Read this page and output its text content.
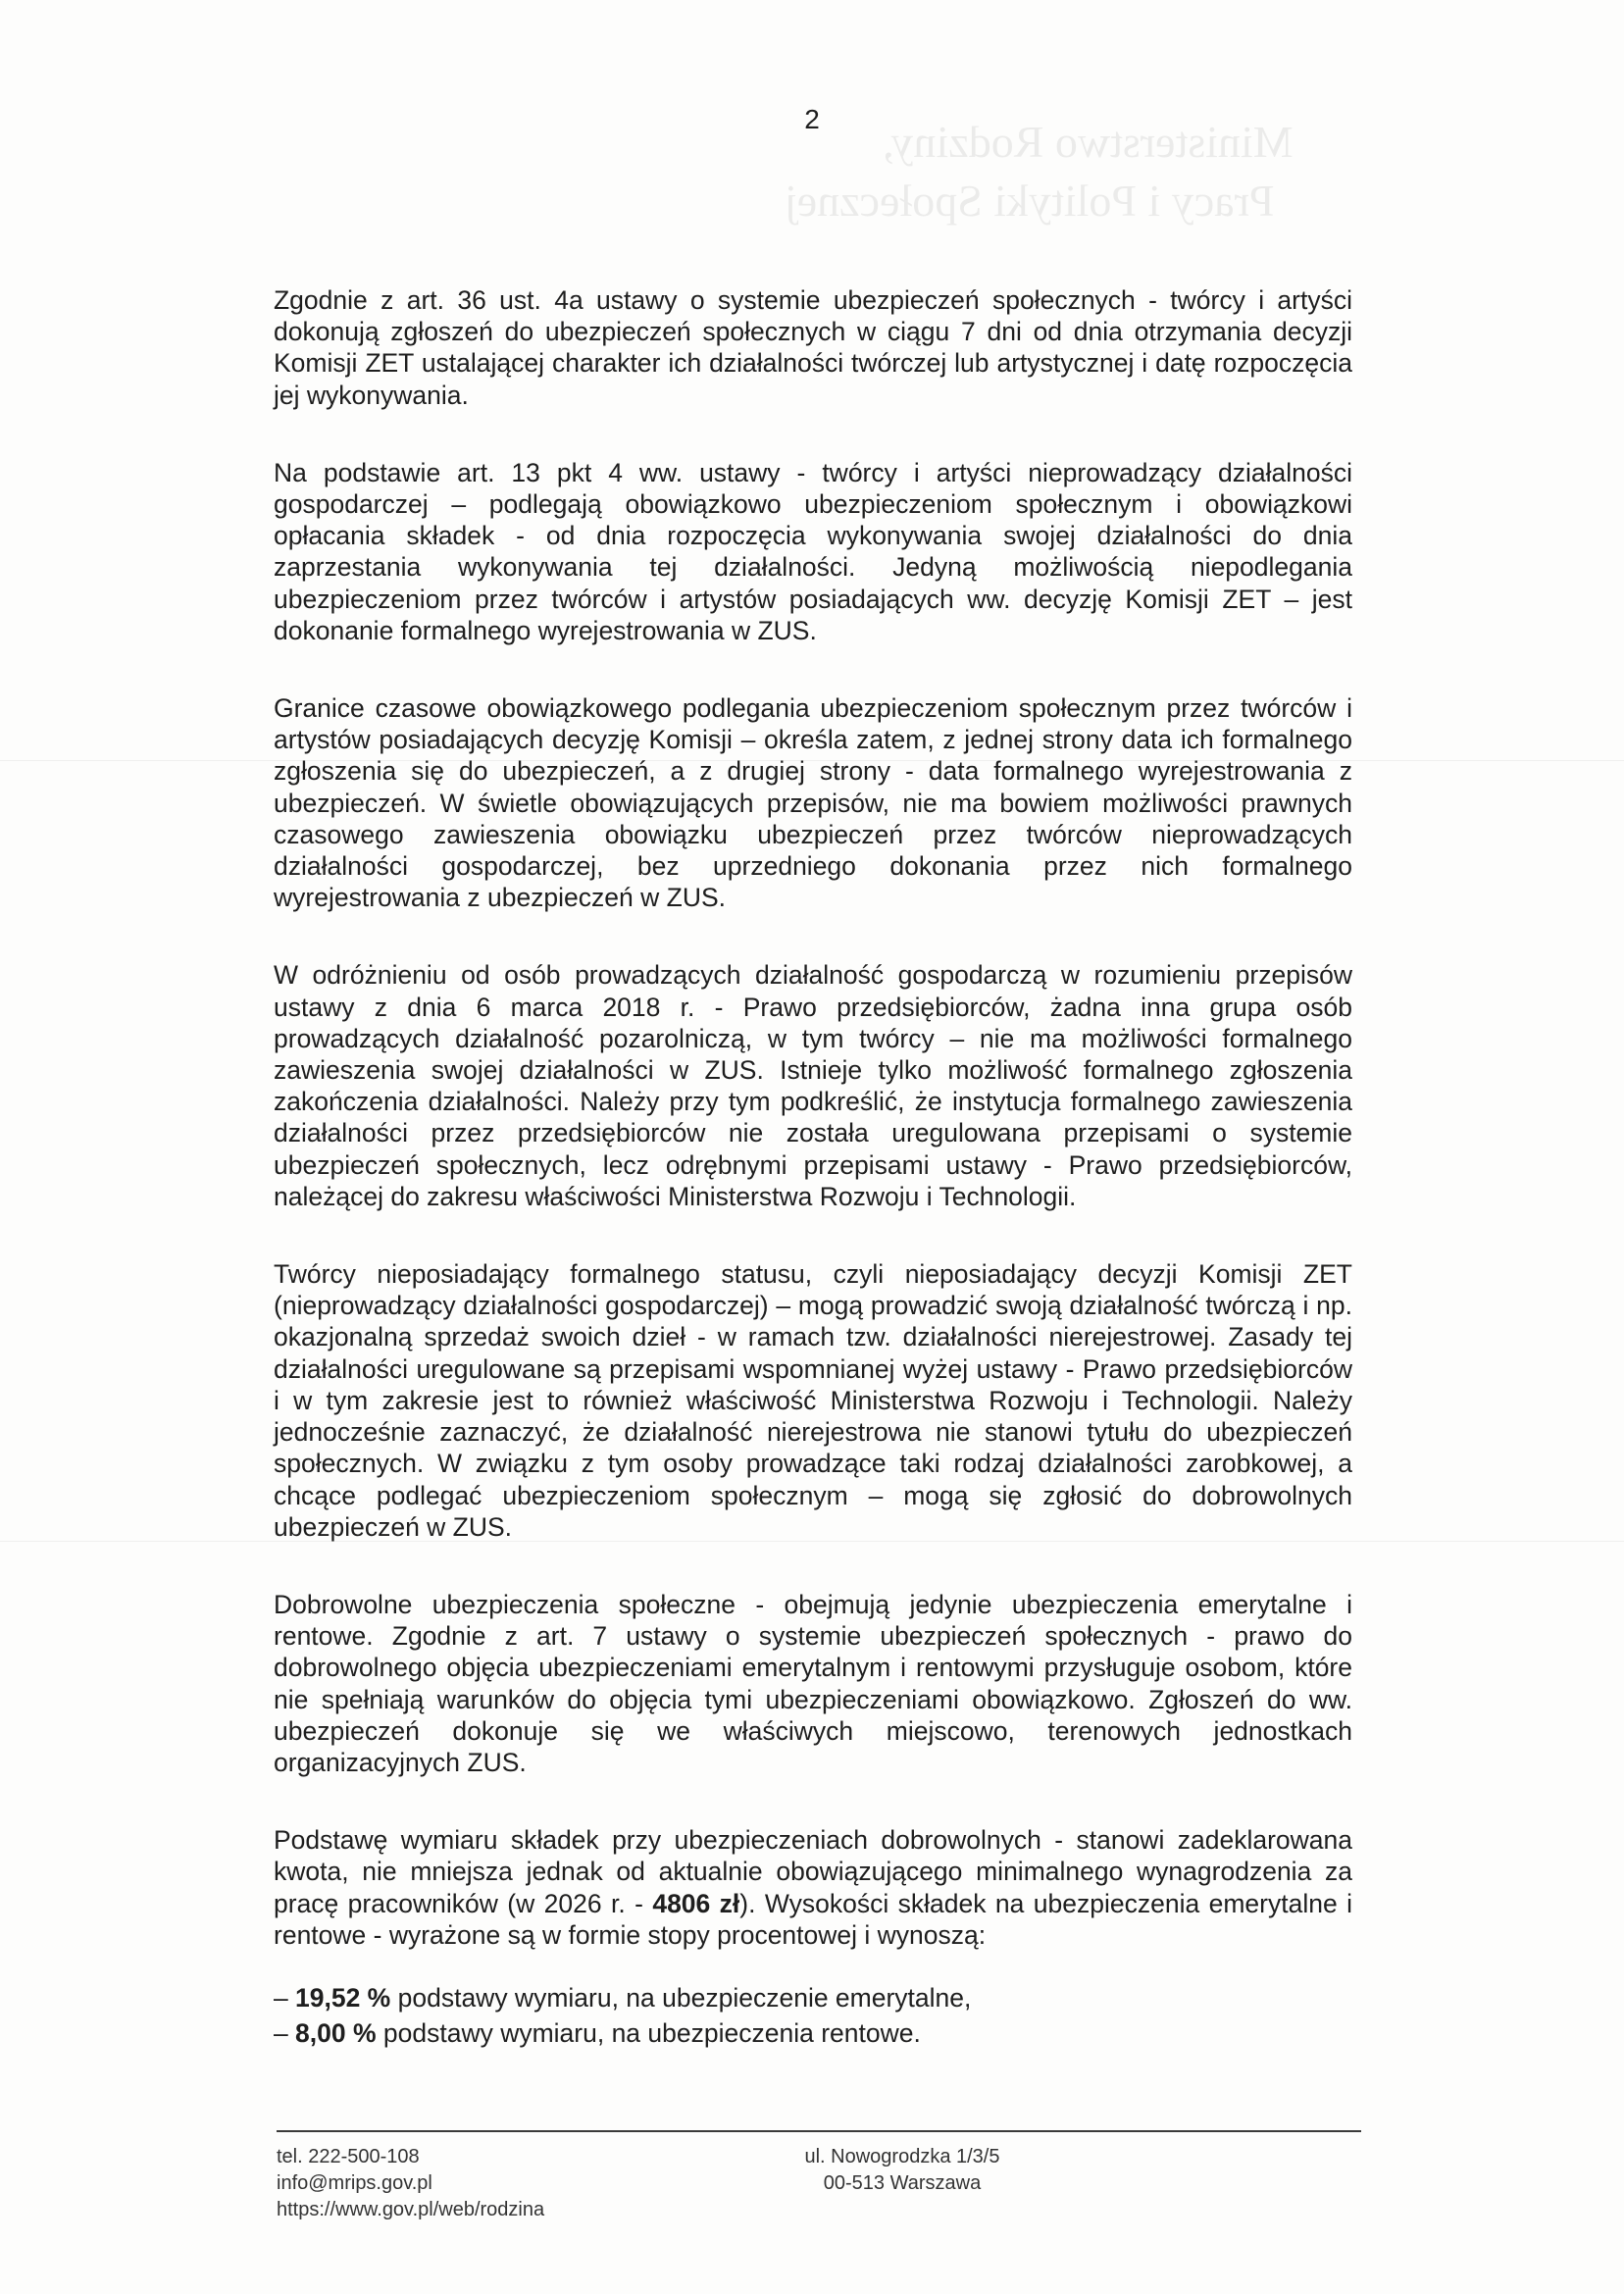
Ministerstwo Rodziny,
Pracy i Polityki Społecznej
2

Zgodnie z art. 36 ust. 4a ustawy o systemie ubezpieczeń społecznych - twórcy i artyści dokonują zgłoszeń do ubezpieczeń społecznych w ciągu 7 dni od dnia otrzymania decyzji Komisji ZET ustalającej charakter ich działalności twórczej lub artystycznej i datę rozpoczęcia jej wykonywania.

Na podstawie art. 13 pkt 4 ww. ustawy - twórcy i artyści nieprowadzący działalności gospodarczej – podlegają obowiązkowo ubezpieczeniom społecznym i obowiązkowi opłacania składek - od dnia rozpoczęcia wykonywania swojej działalności do dnia zaprzestania wykonywania tej działalności. Jedyną możliwością niepodlegania ubezpieczeniom przez twórców i artystów posiadających ww. decyzję Komisji ZET – jest dokonanie formalnego wyrejestrowania w ZUS.

Granice czasowe obowiązkowego podlegania ubezpieczeniom społecznym przez twórców i artystów posiadających decyzję Komisji – określa zatem, z jednej strony data ich formalnego zgłoszenia się do ubezpieczeń, a z drugiej strony - data formalnego wyrejestrowania z ubezpieczeń. W świetle obowiązujących przepisów, nie ma bowiem możliwości prawnych czasowego zawieszenia obowiązku ubezpieczeń przez twórców nieprowadzących działalności gospodarczej, bez uprzedniego dokonania przez nich formalnego wyrejestrowania z ubezpieczeń w ZUS.

W odróżnieniu od osób prowadzących działalność gospodarczą w rozumieniu przepisów ustawy z dnia 6 marca 2018 r. - Prawo przedsiębiorców, żadna inna grupa osób prowadzących działalność pozarolniczą, w tym twórcy – nie ma możliwości formalnego zawieszenia swojej działalności w ZUS. Istnieje tylko możliwość formalnego zgłoszenia zakończenia działalności. Należy przy tym podkreślić, że instytucja formalnego zawieszenia działalności przez przedsiębiorców nie została uregulowana przepisami o systemie ubezpieczeń społecznych, lecz odrębnymi przepisami ustawy - Prawo przedsiębiorców, należącej do zakresu właściwości Ministerstwa Rozwoju i Technologii.

Twórcy nieposiadający formalnego statusu, czyli nieposiadający decyzji Komisji ZET (nieprowadzący działalności gospodarczej) – mogą prowadzić swoją działalność twórczą i np. okazjonalną sprzedaż swoich dzieł - w ramach tzw. działalności nierejestrowej. Zasady tej działalności uregulowane są przepisami wspomnianej wyżej ustawy - Prawo przedsiębiorców i w tym zakresie jest to również właściwość Ministerstwa Rozwoju i Technologii. Należy jednocześnie zaznaczyć, że działalność nierejestrowa nie stanowi tytułu do ubezpieczeń społecznych. W związku z tym osoby prowadzące taki rodzaj działalności zarobkowej, a chcące podlegać ubezpieczeniom społecznym – mogą się zgłosić do dobrowolnych ubezpieczeń w ZUS.

Dobrowolne ubezpieczenia społeczne - obejmują jedynie ubezpieczenia emerytalne i rentowe. Zgodnie z art. 7 ustawy o systemie ubezpieczeń społecznych - prawo do dobrowolnego objęcia ubezpieczeniami emerytalnym i rentowymi przysługuje osobom, które nie spełniają warunków do objęcia tymi ubezpieczeniami obowiązkowo. Zgłoszeń do ww. ubezpieczeń dokonuje się we właściwych miejscowo, terenowych jednostkach organizacyjnych ZUS.

Podstawę wymiaru składek przy ubezpieczeniach dobrowolnych - stanowi zadeklarowana kwota, nie mniejsza jednak od aktualnie obowiązującego minimalnego wynagrodzenia za pracę pracowników (w 2026 r. - 4806 zł). Wysokości składek na ubezpieczenia emerytalne i rentowe - wyrażone są w formie stopy procentowej i wynoszą:

– 19,52 % podstawy wymiaru, na ubezpieczenie emerytalne,
– 8,00 % podstawy wymiaru, na ubezpieczenia rentowe.
tel. 222-500-108
info@mrips.gov.pl
https://www.gov.pl/web/rodzina
ul. Nowogrodzka 1/3/5
00-513 Warszawa
